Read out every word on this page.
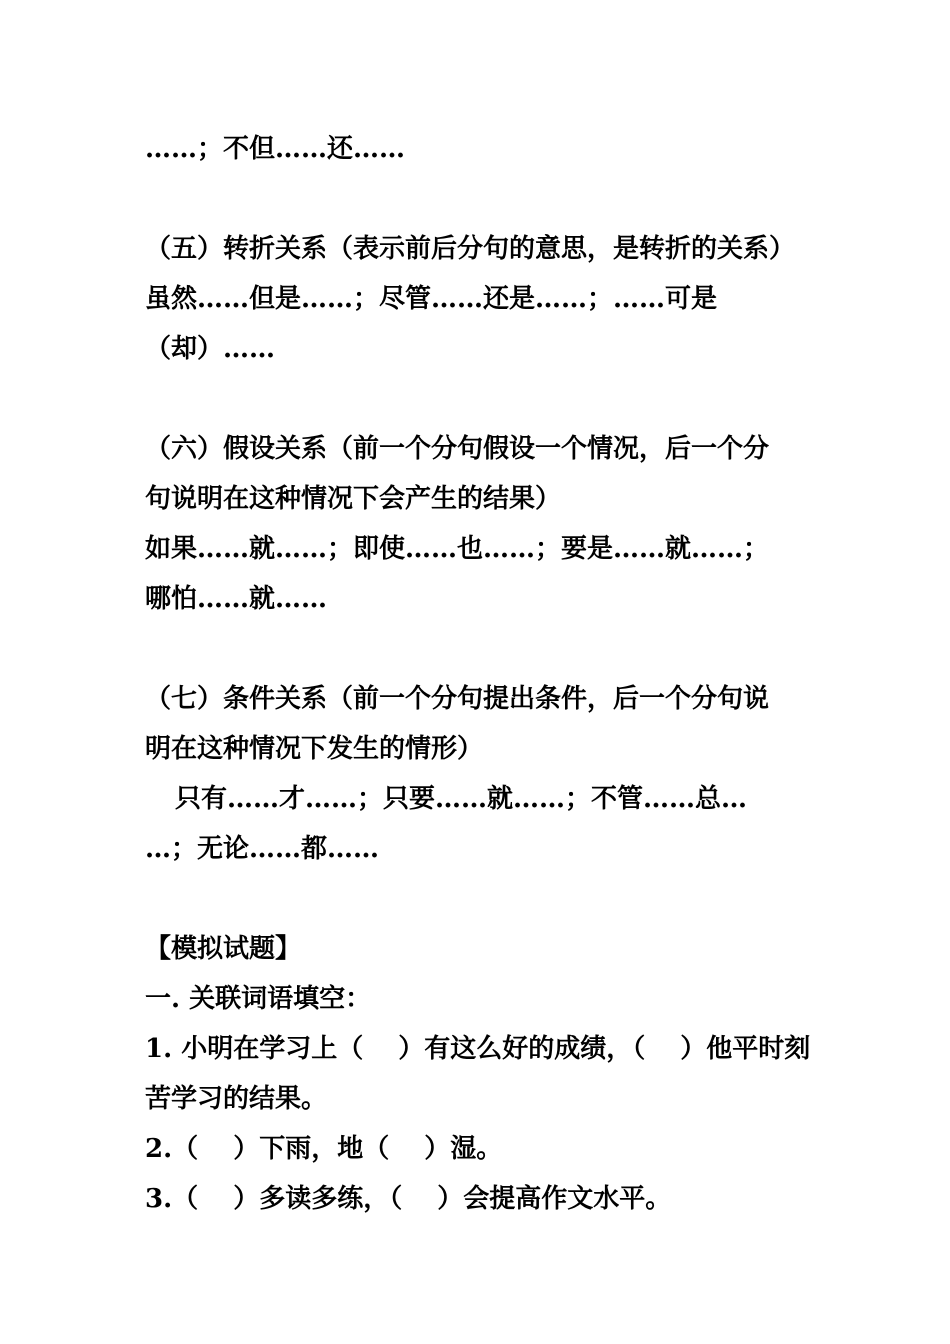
……；不但……还……
（五）转折关系（表示前后分句的意思，是转折的关系）
虽然……但是……；尽管……还是……；……可是
（却）……
（六）假设关系（前一个分句假设一个情况，后一个分
句说明在这种情况下会产生的结果）
如果……就……；即使……也……；要是……就……；
哪怕……就……
（七）条件关系（前一个分句提出条件，后一个分句说
明在这种情况下发生的情形）
只有……才……；只要……就……；不管……总…
…；无论……都……
【模拟试题】
一. 关联词语填空：
1. 小明在学习上（　 ）有这么好的成绩，（　 ）他平时刻
苦学习的结果。
2.（　 ）下雨，地（　 ）湿。
3.（　 ）多读多练，（　 ）会提高作文水平。
